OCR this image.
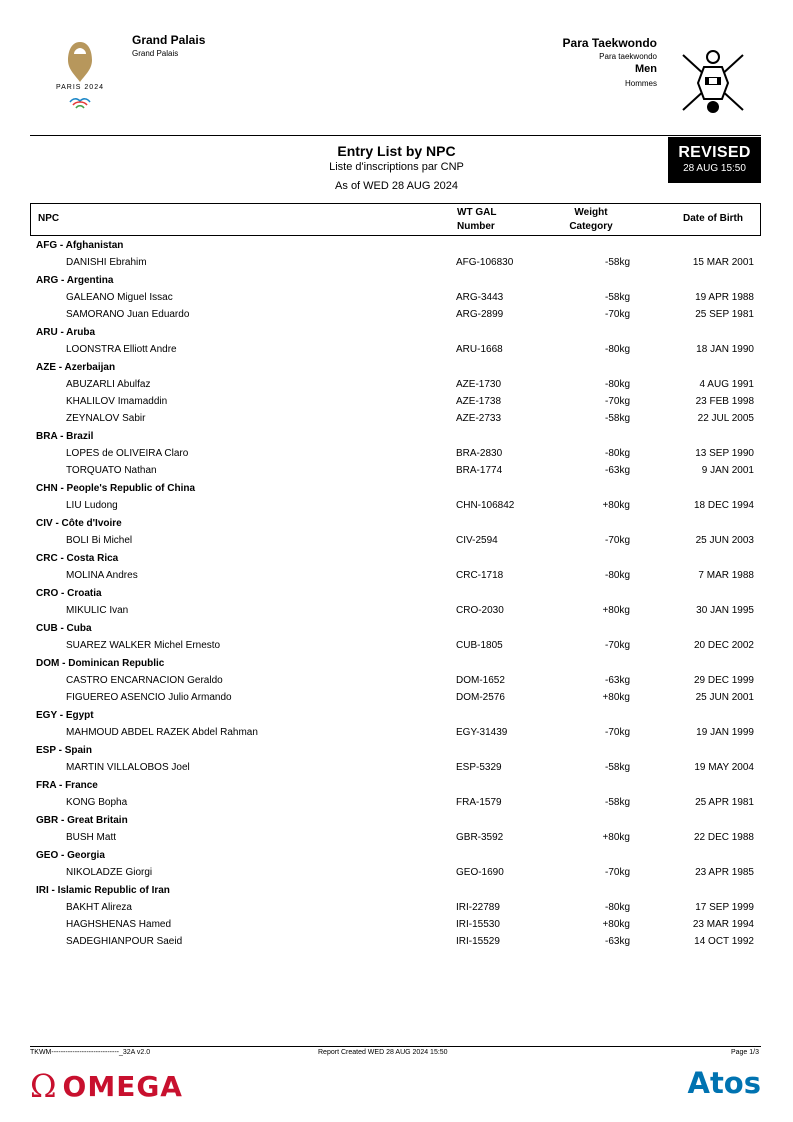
PARIS 2024
Grand Palais
Grand Palais
Para Taekwondo
Para taekwondo
Men
Hommes
Entry List by NPC
Liste d'inscriptions par CNP
As of WED 28 AUG 2024
REVISED
28 AUG 15:50
NPC
WT GAL
Number
Weight
Category
Date of Birth
AFG - Afghanistan
DANISHI Ebrahim	AFG-106830	-58kg	15 MAR 2001
ARG - Argentina
GALEANO Miguel Issac	ARG-3443	-58kg	19 APR 1988
SAMORANO Juan Eduardo	ARG-2899	-70kg	25 SEP 1981
ARU - Aruba
LOONSTRA Elliott Andre	ARU-1668	-80kg	18 JAN 1990
AZE - Azerbaijan
ABUZARLI Abulfaz	AZE-1730	-80kg	4 AUG 1991
KHALILOV Imamaddin	AZE-1738	-70kg	23 FEB 1998
ZEYNALOV Sabir	AZE-2733	-58kg	22 JUL 2005
BRA - Brazil
LOPES de OLIVEIRA Claro	BRA-2830	-80kg	13 SEP 1990
TORQUATO Nathan	BRA-1774	-63kg	9 JAN 2001
CHN - People's Republic of China
LIU Ludong	CHN-106842	+80kg	18 DEC 1994
CIV - Côte d'Ivoire
BOLI Bi Michel	CIV-2594	-70kg	25 JUN 2003
CRC - Costa Rica
MOLINA Andres	CRC-1718	-80kg	7 MAR 1988
CRO - Croatia
MIKULIC Ivan	CRO-2030	+80kg	30 JAN 1995
CUB - Cuba
SUAREZ WALKER Michel Ernesto	CUB-1805	-70kg	20 DEC 2002
DOM - Dominican Republic
CASTRO ENCARNACION Geraldo	DOM-1652	-63kg	29 DEC 1999
FIGUEREO ASENCIO Julio Armando	DOM-2576	+80kg	25 JUN 2001
EGY - Egypt
MAHMOUD ABDEL RAZEK Abdel Rahman	EGY-31439	-70kg	19 JAN 1999
ESP - Spain
MARTIN VILLALOBOS Joel	ESP-5329	-58kg	19 MAY 2004
FRA - France
KONG Bopha	FRA-1579	-58kg	25 APR 1981
GBR - Great Britain
BUSH Matt	GBR-3592	+80kg	22 DEC 1988
GEO - Georgia
NIKOLADZE Giorgi	GEO-1690	-70kg	23 APR 1985
IRI - Islamic Republic of Iran
BAKHT Alireza	IRI-22789	-80kg	17 SEP 1999
HAGHSHENAS Hamed	IRI-15530	+80kg	23 MAR 1994
SADEGHIANPOUR Saeid	IRI-15529	-63kg	14 OCT 1992
TKWM-----------------------------_32A v2.0	Report Created WED 28 AUG 2024 15:50	Page 1/3
Ω OMEGA	Atos
